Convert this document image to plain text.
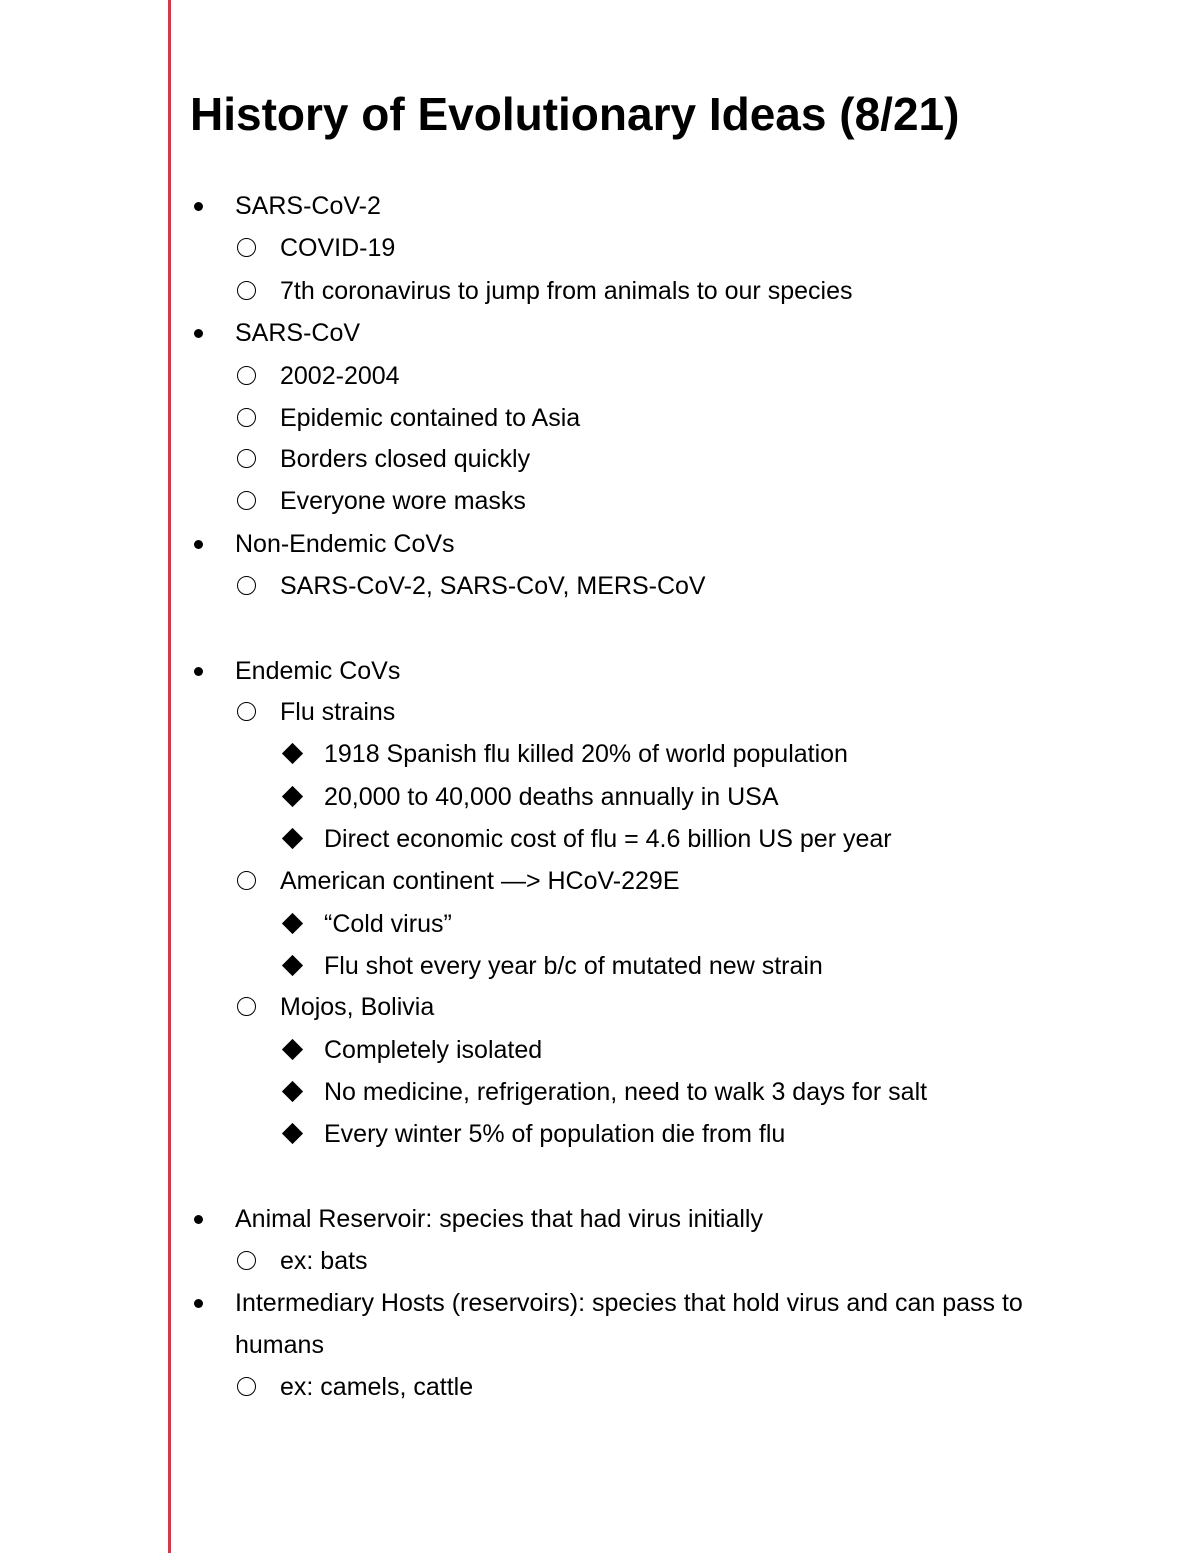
History of Evolutionary Ideas (8/21)
SARS-CoV-2
COVID-19
7th coronavirus to jump from animals to our species
SARS-CoV
2002-2004
Epidemic contained to Asia
Borders closed quickly
Everyone wore masks
Non-Endemic CoVs
SARS-CoV-2, SARS-CoV, MERS-CoV
Endemic CoVs
Flu strains
1918 Spanish flu killed 20% of world population
20,000 to 40,000 deaths annually in USA
Direct economic cost of flu = 4.6 billion US per year
American continent —> HCoV-229E
“Cold virus”
Flu shot every year b/c of mutated new strain
Mojos, Bolivia
Completely isolated
No medicine, refrigeration, need to walk 3 days for salt
Every winter 5% of population die from flu
Animal Reservoir: species that had virus initially
ex: bats
Intermediary Hosts (reservoirs): species that hold virus and can pass to
humans
ex: camels, cattle
